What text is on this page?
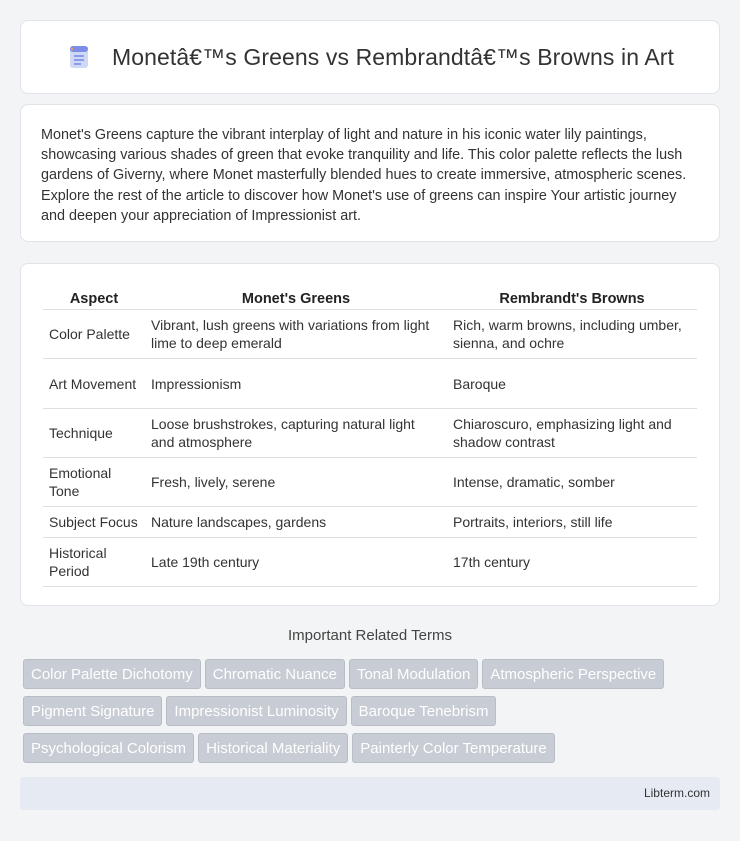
Monetâ€™s Greens vs Rembrandtâ€™s Browns in Art

Monet's Greens capture the vibrant interplay of light and nature in his iconic water lily paintings, showcasing various shades of green that evoke tranquility and life. This color palette reflects the lush gardens of Giverny, where Monet masterfully blended hues to create immersive, atmospheric scenes. Explore the rest of the article to discover how Monet's use of greens can inspire Your artistic journey and deepen your appreciation of Impressionist art.

Aspect	Monet's Greens	Rembrandt's Browns
Color Palette	Vibrant, lush greens with variations from light lime to deep emerald	Rich, warm browns, including umber, sienna, and ochre
Art Movement	Impressionism	Baroque
Technique	Loose brushstrokes, capturing natural light and atmosphere	Chiaroscuro, emphasizing light and shadow contrast
Emotional Tone	Fresh, lively, serene	Intense, dramatic, somber
Subject Focus	Nature landscapes, gardens	Portraits, interiors, still life
Historical Period	Late 19th century	17th century
Important Related Terms
Color Palette Dichotomy Chromatic Nuance Tonal Modulation Atmospheric Perspective
Pigment Signature Impressionist Luminosity Baroque Tenebrism
Psychological Colorism Historical Materiality Painterly Color Temperature
Libterm.com
